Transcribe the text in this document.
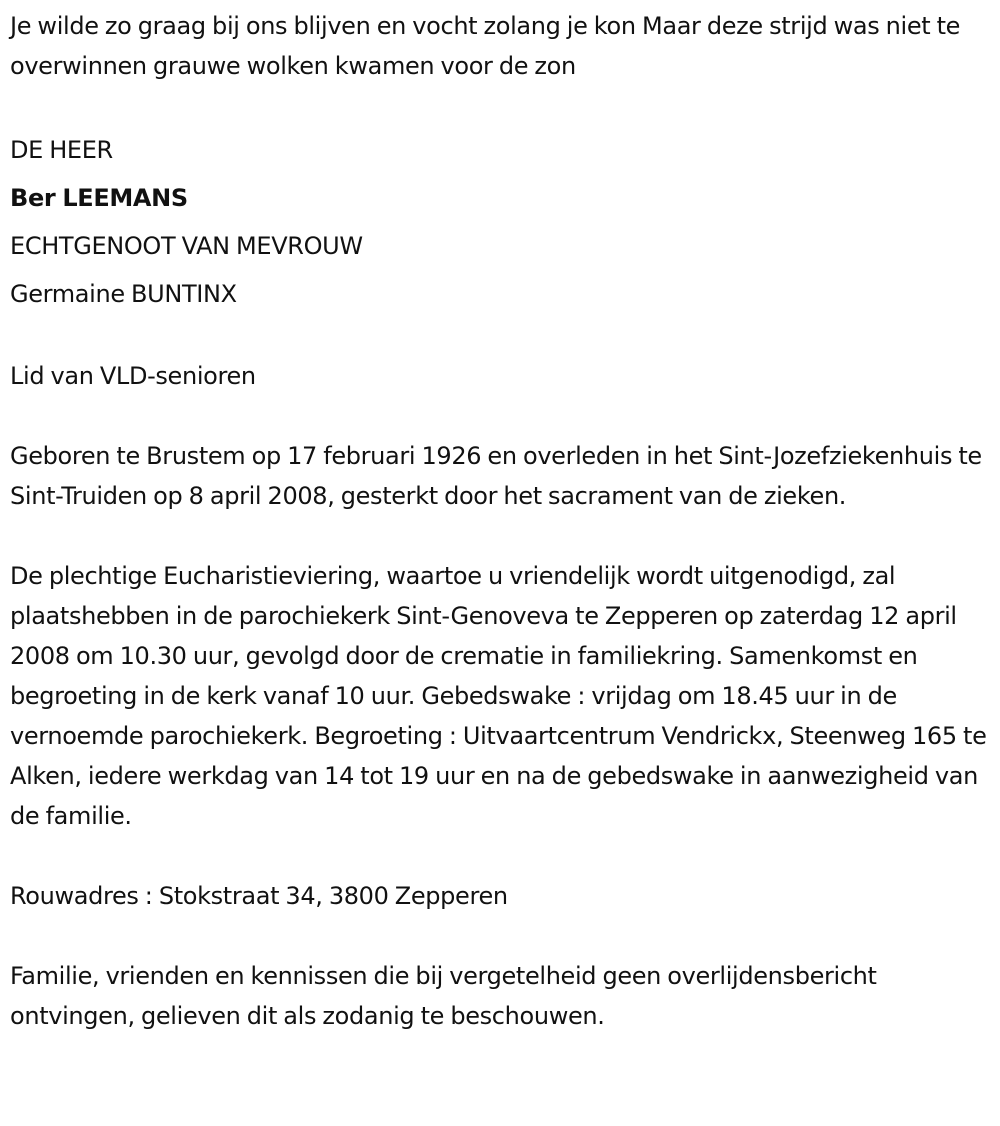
Je wilde zo graag bij ons blijven en vocht zolang je kon Maar deze strijd was niet te overwinnen grauwe wolken kwamen voor de zon

DE HEER

Ber LEEMANS

ECHTGENOOT VAN MEVROUW

Germaine BUNTINX

Lid van VLD-senioren

Geboren te Brustem op 17 februari 1926 en overleden in het Sint-Jozefziekenhuis te Sint-Truiden op 8 april 2008, gesterkt door het sacrament van de zieken.

De plechtige Eucharistieviering, waartoe u vriendelijk wordt uitgenodigd, zal plaatshebben in de parochiekerk Sint-Genoveva te Zepperen op zaterdag 12 april 2008 om 10.30 uur, gevolgd door de crematie in familiekring. Samenkomst en begroeting in de kerk vanaf 10 uur. Gebedswake : vrijdag om 18.45 uur in de vernoemde parochiekerk. Begroeting : Uitvaartcentrum Vendrickx, Steenweg 165 te Alken, iedere werkdag van 14 tot 19 uur en na de gebedswake in aanwezigheid van de familie.

Rouwadres : Stokstraat 34, 3800 Zepperen

Familie, vrienden en kennissen die bij vergetelheid geen overlijdensbericht ontvingen, gelieven dit als zodanig te beschouwen.
